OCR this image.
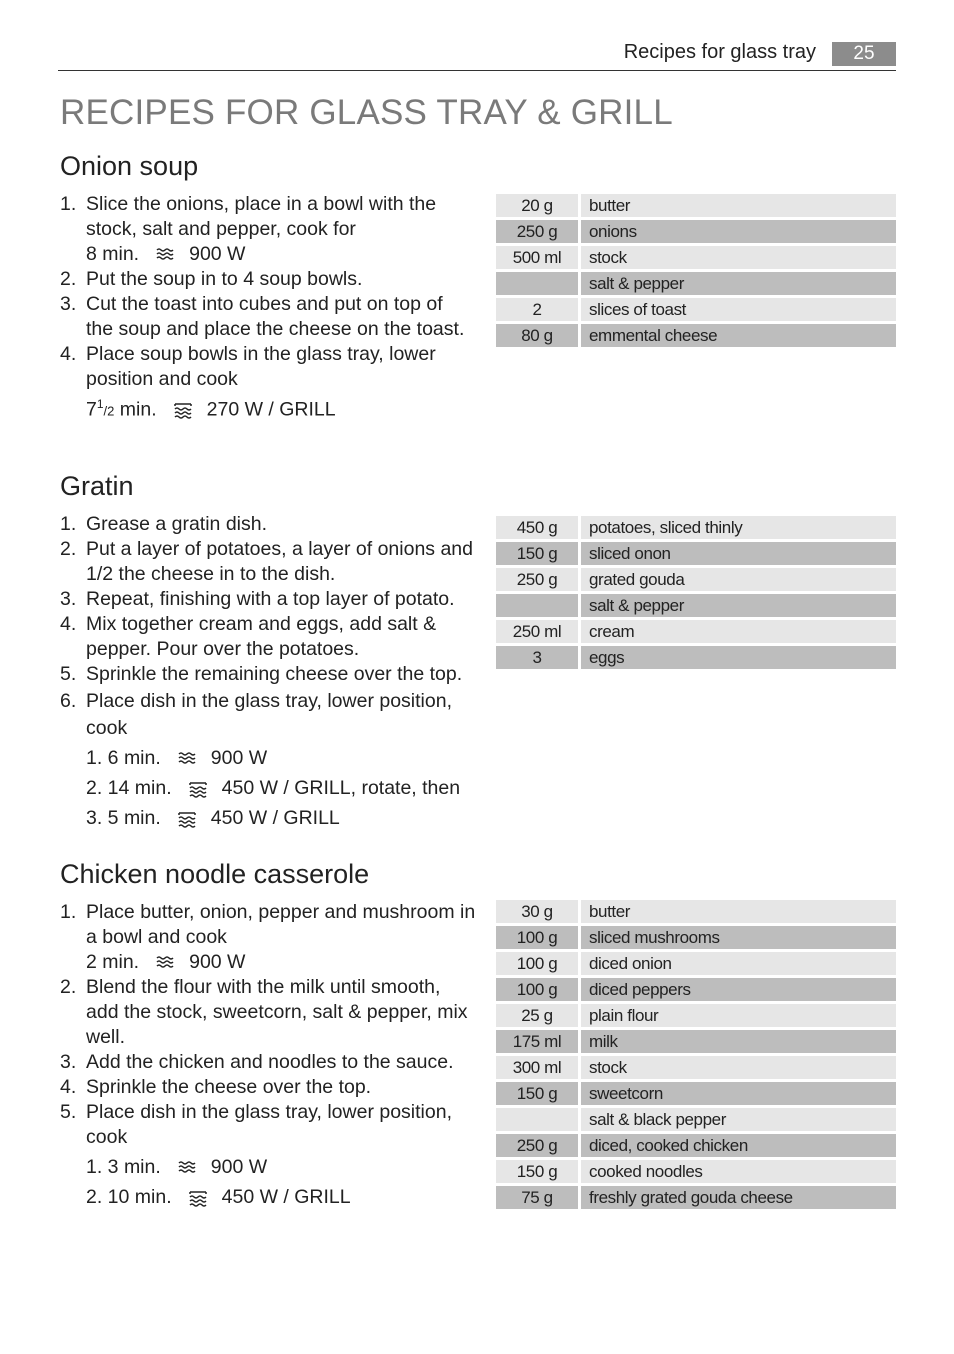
Recipes for glass tray	25
RECIPES FOR GLASS TRAY & GRILL
Onion soup
1. Slice the onions, place in a bowl with the
stock, salt and pepper, cook for
8 min.	900 W
2. Put the soup in to 4 soup bowls.
3. Cut the toast into cubes and put on top of
the soup and place the cheese on the toast.
4. Place soup bowls in the glass tray, lower
position and cook
$7^1/2$ min.	270 W / GRILL
20 g	butter
250 g	onions
500 ml	stock
	salt & pepper
2	slices of toast
80 g	emmental cheese
Gratin
1. Grease a gratin dish.
2. Put a layer of potatoes, a layer of onions and
1/2 the cheese in to the dish.
3. Repeat, finishing with a top layer of potato.
4. Mix together cream and eggs, add salt &
pepper. Pour over the potatoes.
5. Sprinkle the remaining cheese over the top.
6. Place dish in the glass tray, lower position,
cook
1. 6 min.	900 W
2. 14 min.	450 W / GRILL, rotate, then
3. 5 min.	450 W / GRILL
450 g	potatoes, sliced thinly
150 g	sliced onon
250 g	grated gouda
	salt & pepper
250 ml	cream
3	eggs
Chicken noodle casserole
1. Place butter, onion, pepper and mushroom in
a bowl and cook
2 min.	900 W
2. Blend the flour with the milk until smooth,
add the stock, sweetcorn, salt & pepper, mix
well.
3. Add the chicken and noodles to the sauce.
4. Sprinkle the cheese over the top.
5. Place dish in the glass tray, lower position,
cook
1. 3 min.	900 W
2. 10 min.	450 W / GRILL
30 g	butter
100 g	sliced mushrooms
100 g	diced onion
100 g	diced peppers
25 g	plain flour
175 ml	milk
300 ml	stock
150 g	sweetcorn
	salt & black pepper
250 g	diced, cooked chicken
150 g	cooked noodles
75 g	freshly grated gouda cheese
